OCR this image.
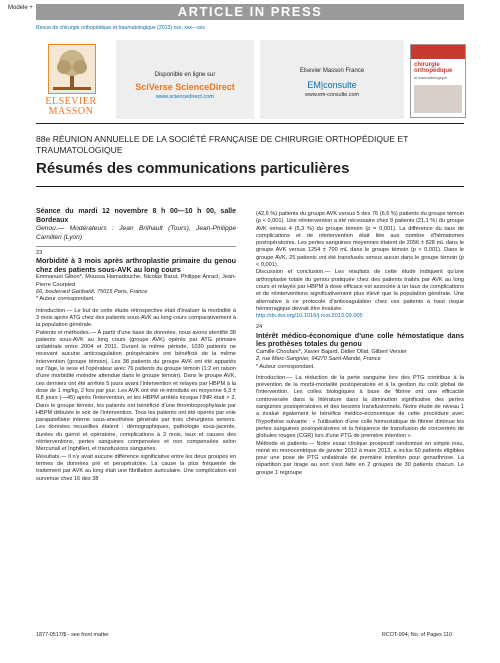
Modele +	ARTICLE IN PRESS
Revue de chirurgie orthopédique et traumatologique (2013) xxx, xxx—xxx
ELSEVIER
MASSON
Disponible en ligne sur
SciVerse ScienceDirect
www.sciencedirect.com
Elsevier Masson France
EM|consulte
www.em-consulte.com
chirurgie
orthopédique
et traumatologique
88e RÉUNION ANNUELLE DE LA SOCIÉTÉ FRANÇAISE DE CHIRURGIE ORTHOPÉDIQUE ET TRAUMATOLOGIQUE
Résumés des communications particulières

Séance du mardi 12 novembre 8 h 00—10 h 00, salle Bordeaux

Genou.— Modérateurs : Jean Brilhault (Tours), Jean-Philippe Camilleri (Lyon)

23

Morbidité à 3 mois après arthroplastie primaire du genou chez des patients sous-AVK au long cours

Emmanuel Gibon*, Moussa Hamadouche, Nicolas Barut, Philippe Anract, Jean-Pierre Courpied

66, boulevard Garibaldi, 75015 Paris, France

* Auteur correspondant.

Introduction.— Le but de cette étude rétrospective était d'évaluer la morbidité à 3 mois après ATG chez des patients sous-AVK au long cours comparativement à la population générale.

Patients et méthodes.— À partir d'une base de données, nous avons identifié 38 patients sous-AVK au long cours (groupe AVK) opérés par ATG primaire unilatérale entre 2004 et 2011. Durant la même période, 1030 patients ne recevant aucune anticoagulation préopératoire ont bénéficié de la même intervention (groupe témoin). Les 38 patients du groupe AVK ont été appariés sur l'âge, le sexe et l'opérateur avec 76 patients du groupe témoin (1:2 en raison d'une morbidité moindre attendue dans le groupe témoin). Dans le groupe AVK, ces derniers ont été arrêtés 5 jours avant l'intervention et relayés par HBPM à la dose de 1 mg/kg, 2 fois par jour. Les AVK ont été ré-introduits en moyenne 6,3 ± 8,8 jours (—45) après l'intervention, et les HBPM arrêtés lorsque l'INR était > 2. Dans le groupe témoin, les patients ont bénéficié d'une thromboprophylaxie par HBPM débutée le soir de l'intervention. Tous les patients ont été opérés par voie parapatellaire interne sous-anesthésie générale par trois chirurgiens seniors. Les données recueillies étaient : démographiques, pathologie sous-jacente, durées du garrot et opératoire, complications à 3 mois, taux et causes des réinterventions, pertes sanguines compensées et non compensées selon Mercuriali et Inghilleri, et transfusions sanguines.

Résultats.— Il n'y avait aucune différence significative entre les deux groupes en termes de données pré et peropératoire. La cause la plus fréquente de traitement par AVK au long était une fibrillation auriculaire. Une complication est survenue chez 16 des 38

(42,6 %) patients du groupe AVK versus 5 des 76 (6,6 %) patients du groupe témoin (p < 0,001). Une réintervention a été nécessaire chez 8 patients (21,1 %) du groupe AVK versus 4 (5,3 %) du groupe témoin (p = 0,001). La différence du taux de complications et de réintervention était liée aux nombre d'hématomes postopératoires. Les pertes sanguines moyennes étaient de 2056 ± 828 mL dans le groupe AVK versus 1254 ± 700 mL dans le groupe témoin (p < 0,001). Dans le groupe AVK, 25 patients ont été transfusés versus aucun dans le groupe témoin (p < 0,001).

Discussion et conclusion.— Les résultats de cette étude indiquent qu'une arthroplastie totale du genou pratiquée chez des patients traités par AVK au long cours et relayés par HBPM à dose efficace est associée à un taux de complications et de réinterventions significativement plus élevé que la population générale. Une alternative à ce protocole d'anticoagulation chez ces patients à haut risque hémorragique devrait être évaluée.

http://dx.doi.org/10.1016/j.rcot.2013.09.005

24

Intérêt médico-économique d'une colle hémostatique dans les prothèses totales du genou

Camille Choufani*, Xavier Bajard, Didier Ollat, Gilbert Versier

2, rue Marc-Sangnier, 94270 Saint-Mandé, France

* Auteur correspondant.

Introduction.— La réduction de la perte sanguine lors des PTG contribue à la prévention de la morbi-mortalité postopératoire et à la gestion du coût global de l'intervention. Les colles biologiques à base de fibrine ont une efficacité controversée dans la littérature dans la diminution significative des pertes sanguines postopératoires et des besoins transfusionnels. Notre étude de niveau 1 a évalué également le bénéfice médico-économique de cette procédure avec l'hypothèse suivante : « l'utilisation d'une colle hémostatique de fibrine diminue les pertes sanguines postopératoires et la fréquence de transfusion de concentrés de globules rouges (CGR) lors d'une PTG de première intention ».

Méthode et patients.— Notre essai clinique prospectif randomisé en simple insu, mené en monocentrique de janvier 2012 à mars 2013, a inclus 60 patients éligibles pour une pose de PTG unilatérale de première intention pour gonarthrose. La répartition par tirage au sort s'est faite en 2 groupes de 30 patients chacun. Le groupe 1 regroupe

1877-0517/$ - see front matter	RCOT-994; No. of Pages 110
